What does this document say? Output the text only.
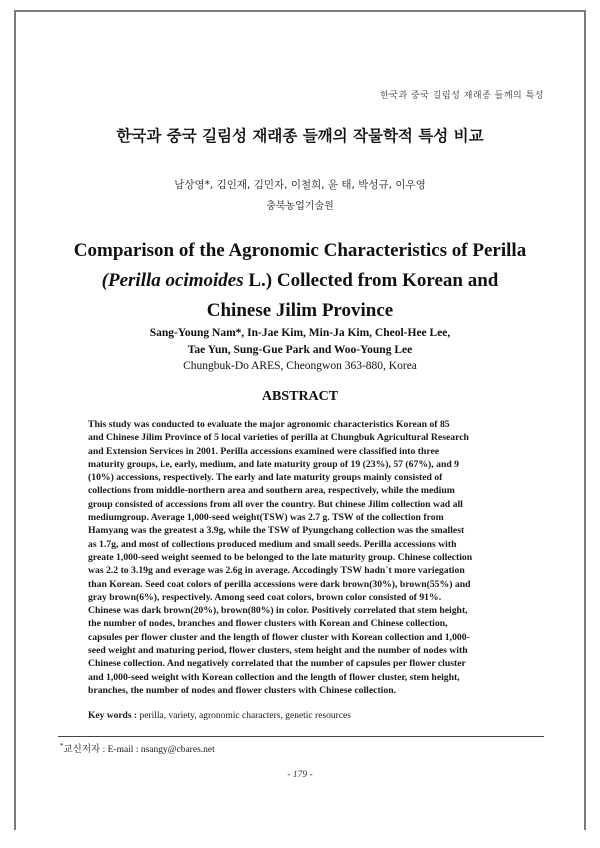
한국과 중국 길림성 재래종 들깨의 특성
한국과 중국 길림성 재래종 들깨의 작물학적 특성 비교
남상영*, 김인재, 김민자, 이철희, 윤 태, 박성규, 이우영
충북농업기술원
Comparison of the Agronomic Characteristics of Perilla
(Perilla ocimoides L.) Collected from Korean and
Chinese Jilim Province
Sang-Young Nam*, In-Jae Kim, Min-Ja Kim, Cheol-Hee Lee,
Tae Yun, Sung-Gue Park and Woo-Young Lee
Chungbuk-Do ARES, Cheongwon 363-880, Korea
ABSTRACT
This study was conducted to evaluate the major agronomic characteristics Korean of 85
and Chinese Jilim Province of 5 local varieties of perilla at Chungbuk Agricultural Research
and Extension Services in 2001. Perilla accessions examined were classified into three
maturity groups, i.e, early, medium, and late maturity group of 19 (23%), 57 (67%), and 9
(10%) accessions, respectively. The early and late maturity groups mainly consisted of
collections from middle-northern area and southern area, respectively, while the medium
group consisted of accessions from all over the country. But chinese Jilim collection wad all
mediumgroup. Average 1,000-seed weight(TSW) was 2.7 g. TSW of the collection from
Hamyang was the greatest a 3.9g, while the TSW of Pyungchang collection was the smallest
as 1.7g, and most of collections produced medium and small seeds. Perilla accessions with
greate 1,000-seed weight seemed to be belonged to the late maturity group. Chinese collection
was 2.2 to 3.19g and everage was 2.6g in average. Accodingly TSW hadn`t more variegation
than Korean. Seed coat colors of perilla accessions were dark brown(30%), brown(55%) and
gray brown(6%), respectively. Among seed coat colors, brown color consisted of 91%.
Chinese was dark brown(20%), brown(80%) in color. Positively correlated that stem height,
the number of nodes, branches and flower clusters with Korean and Chinese collection,
capsules per flower cluster and the length of flower cluster with Korean collection and 1,000-
seed weight and maturing period, flower clusters, stem height and the number of nodes with
Chinese collection. And negatively correlated that the number of capsules per flower cluster
and 1,000-seed weight with Korean collection and the length of flower cluster, stem height,
branches, the number of nodes and flower clusters with Chinese collection.
Key words : perilla, variety, agronomic characters, genetic resources
*교신저자 : E-mail : nsangy@cbares.net
- 179 -
